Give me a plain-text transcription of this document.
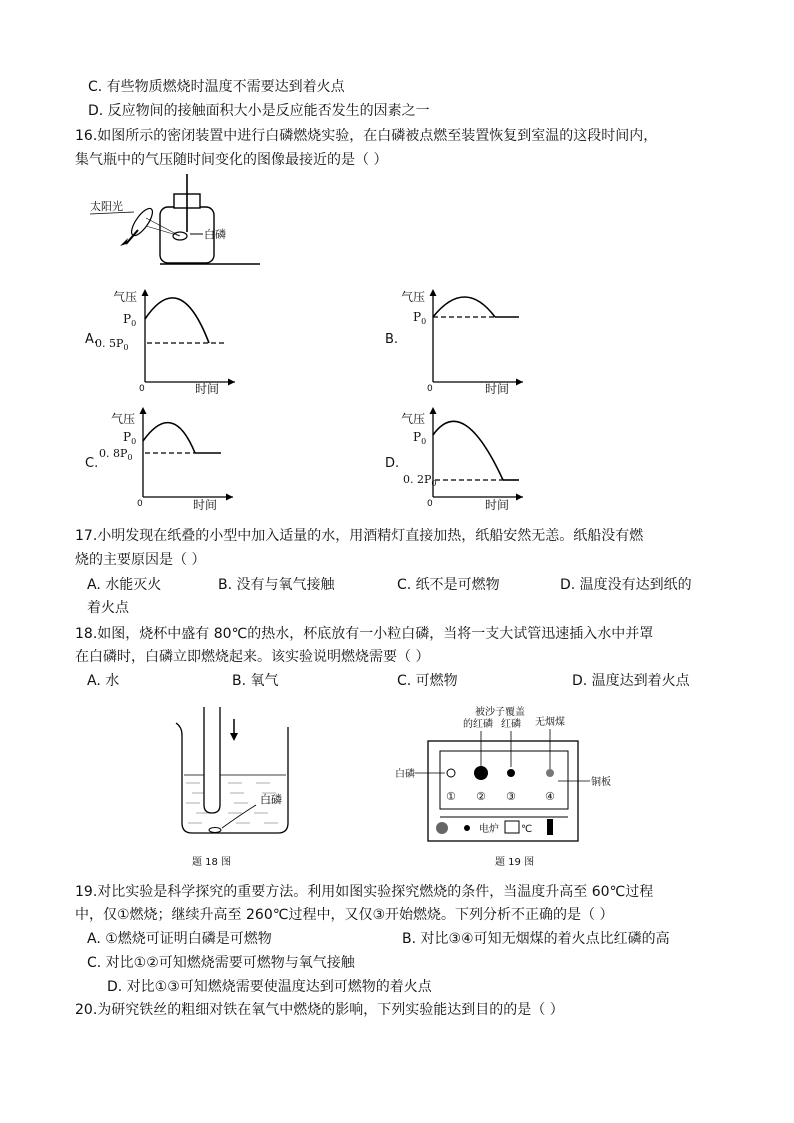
C. 有些物质燃烧时温度不需要达到着火点
D. 反应物间的接触面积大小是反应能否发生的因素之一
16.如图所示的密闭装置中进行白磷燃烧实验，在白磷被点燃至装置恢复到室温的这段时间内，
集气瓶中的气压随时间变化的图像最接近的是（ ）
白磷
太阳光
A.
气压
$P_0$
0. $5P_0$
0	时间
B.
气压
$P_0$
0	时间
C.
气压
$P_0$
0. $8P_0$
0	时间
D.
气压
$P_0$
0. $2P_0$
0	时间
17.小明发现在纸叠的小型中加入适量的水，用酒精灯直接加热，纸船安然无恙。纸船没有燃
烧的主要原因是（ ）
A. 水能灭火	B. 没有与氧气接触	C. 纸不是可燃物	D. 温度没有达到纸的
着火点
18.如图，烧杯中盛有 80℃的热水，杯底放有一小粒白磷，当将一支大试管迅速插入水中并罩
在白磷时，白磷立即燃烧起来。该实验说明燃烧需要（ ）
A. 水	B. 氧气	C. 可燃物	D. 温度达到着火点
白磷
题 18 图
被沙子覆盖
的红磷 红磷 无烟煤
白磷
铜板
① ② ③	④
电炉 ℃
题 19 图
19.对比实验是科学探究的重要方法。利用如图实验探究燃烧的条件，当温度升高至 60℃过程
中，仅①燃烧；继续升高至 260℃过程中，又仅③开始燃烧。下列分析不正确的是（ ）
A. ①燃烧可证明白磷是可燃物	B. 对比③④可知无烟煤的着火点比红磷的高
C. 对比①②可知燃烧需要可燃物与氧气接触
D. 对比①③可知燃烧需要使温度达到可燃物的着火点
20.为研究铁丝的粗细对铁在氧气中燃烧的影响，下列实验能达到目的的是（ ）
